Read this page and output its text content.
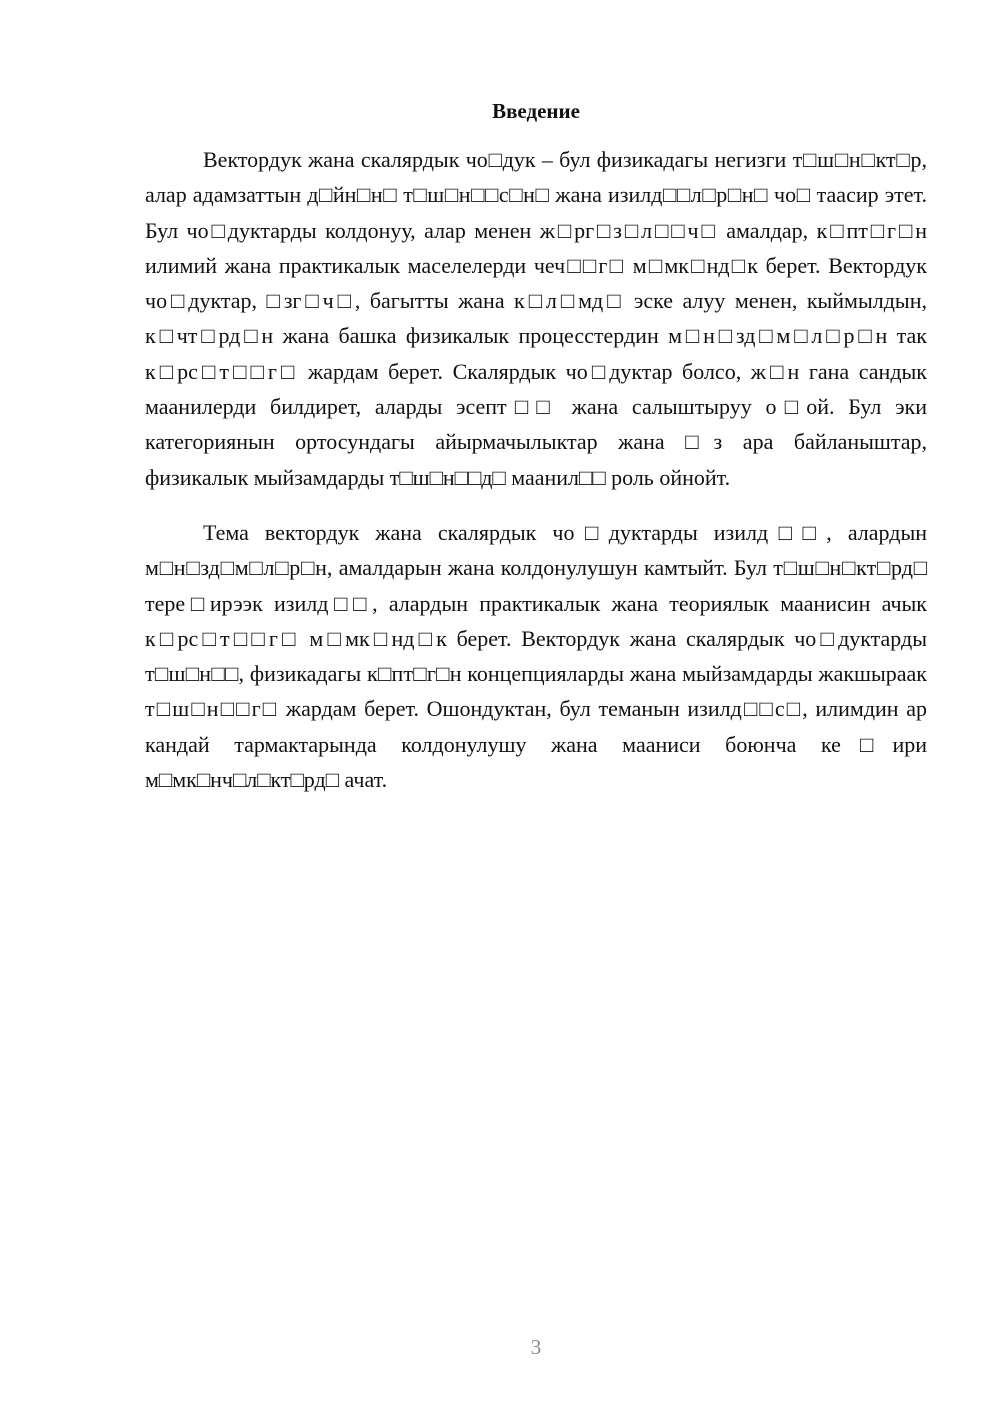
Введение

Вектордук жана скалярдык чо□дук – бул физикадагы негизги т□ш□н□кт□р, алар адамзаттын д□йн□н□ т□ш□н□□с□н□ жана изилд□□л□р□н□ чо□ таасир этет. Бул чо□дуктарды колдонуу, алар менен ж□рг□з□л□□ч□ амалдар, к□пт□г□н илимий жана практикалык маселелерди чеч□□г□ м□мк□нд□к берет. Вектордук чо□дуктар, □зг□ч□, багытты жана к□л□мд□ эске алуу менен, кыймылдын, к□чт□рд□н жана башка физикалык процесстердин м□н□зд□м□л□р□н так к□рс□т□□г□ жардам берет. Скалярдык чо□дуктар болсо, ж□н гана сандык маанилерди билдирет, аларды эсепт□□ жана салыштыруу о□ой. Бул эки категориянын ортосундагы айырмачылыктар жана □з ара байланыштар, физикалык мыйзамдарды т□ш□н□□д□ маанил□□ роль ойнойт.

Тема вектордук жана скалярдык чо□дуктарды изилд□□, алардын м□н□зд□м□л□р□н, амалдарын жана колдонулушун камтыйт. Бул т□ш□н□кт□рд□ тере□ирээк изилд□□, алардын практикалык жана теориялык маанисин ачык к□рс□т□□г□ м□мк□нд□к берет. Вектордук жана скалярдык чо□дуктарды т□ш□н□□, физикадагы к□пт□г□н концепцияларды жана мыйзамдарды жакшыраак т□ш□н□□г□ жардам берет. Ошондуктан, бул теманын изилд□□с□, илимдин ар кандай тармактарында колдонулушу жана мааниси боюнча ке□ири м□мк□нч□л□кт□рд□ ачат.

3
